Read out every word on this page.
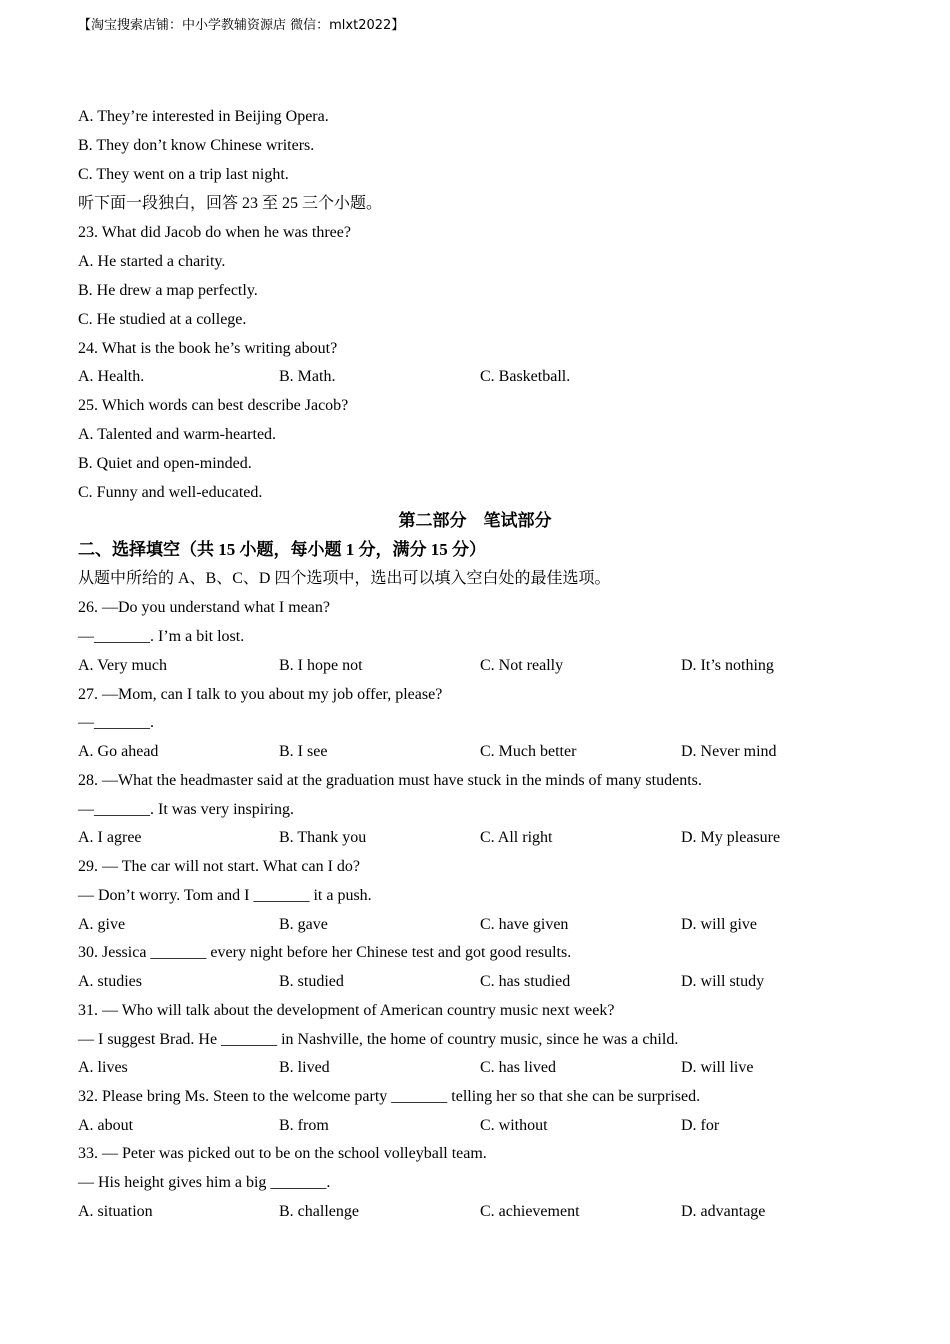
【淘宝搜索店铺：中小学教辅资源店 微信：mlxt2022】
A. They’re interested in Beijing Opera.
B. They don’t know Chinese writers.
C. They went on a trip last night.
听下面一段独白，回答 23 至 25 三个小题。
23. What did Jacob do when he was three?
A. He started a charity.
B. He drew a map perfectly.
C. He studied at a college.
24. What is the book he’s writing about?
A. Health.	B. Math.	C. Basketball.
25. Which words can best describe Jacob?
A. Talented and warm-hearted.
B. Quiet and open-minded.
C. Funny and well-educated.
第二部分　笔试部分
二、选择填空（共 15 小题，每小题 1 分，满分 15 分）
从题中所给的 A、B、C、D 四个选项中，选出可以填入空白处的最佳选项。
26. —Do you understand what I mean?
—_______. I’m a bit lost.
A. Very much	B. I hope not	C. Not really	D. It’s nothing
27. —Mom, can I talk to you about my job offer, please?
—_______.
A. Go ahead	B. I see	C. Much better	D. Never mind
28. —What the headmaster said at the graduation must have stuck in the minds of many students.
—_______. It was very inspiring.
A. I agree	B. Thank you	C. All right	D. My pleasure
29. — The car will not start. What can I do?
— Don’t worry. Tom and I _______ it a push.
A. give	B. gave	C. have given	D. will give
30. Jessica _______ every night before her Chinese test and got good results.
A. studies	B. studied	C. has studied	D. will study
31. — Who will talk about the development of American country music next week?
— I suggest Brad. He _______ in Nashville, the home of country music, since he was a child.
A. lives	B. lived	C. has lived	D. will live
32. Please bring Ms. Steen to the welcome party _______ telling her so that she can be surprised.
A. about	B. from	C. without	D. for
33. — Peter was picked out to be on the school volleyball team.
— His height gives him a big _______.
A. situation	B. challenge	C. achievement	D. advantage
